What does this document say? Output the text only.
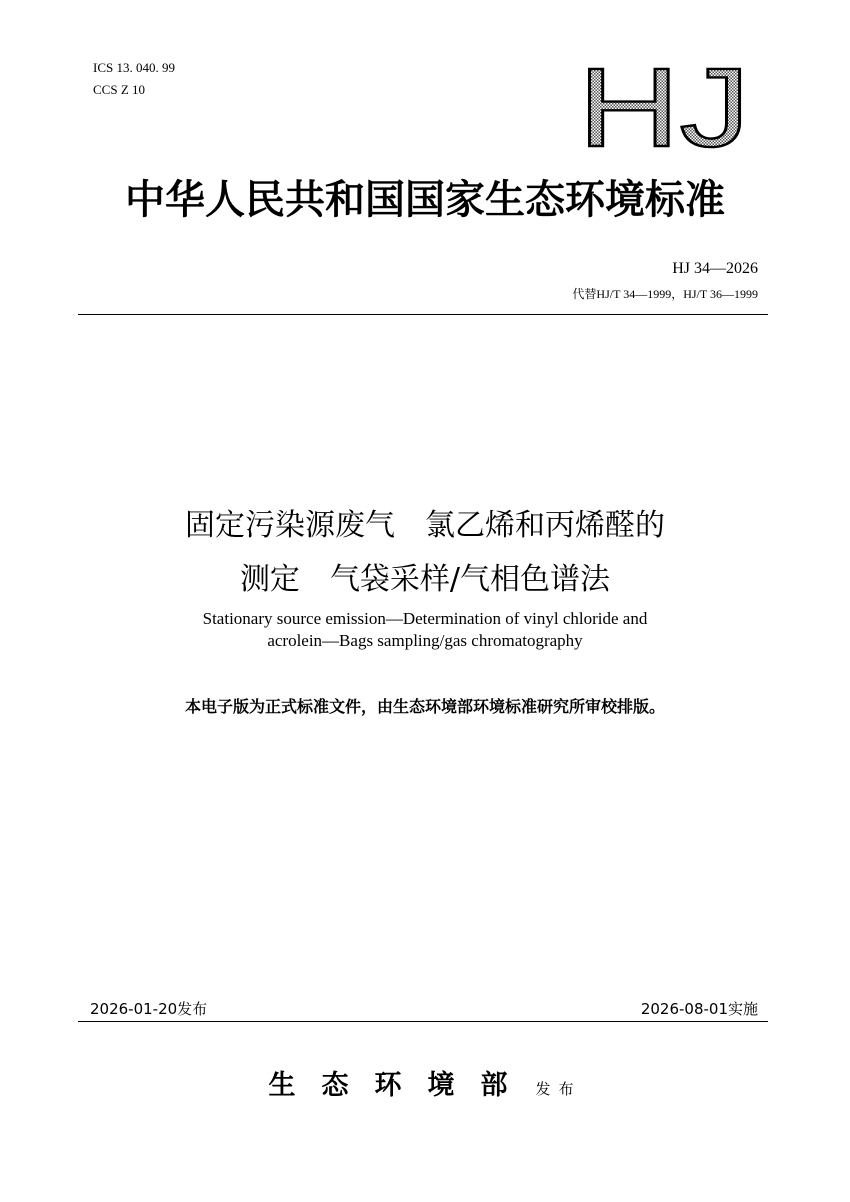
ICS 13. 040. 99
CCS Z 10	HJ
中华人民共和国国家生态环境标准
HJ 34—2026
代替HJ/T 34—1999，HJ/T 36—1999
固定污染源废气 氯乙烯和丙烯醛的
测定 气袋采样/气相色谱法
Stationary source emission—Determination of vinyl chloride and
acrolein—Bags sampling/gas chromatography
本电子版为正式标准文件，由生态环境部环境标准研究所审校排版。
2026-01-20发布	2026-08-01实施
生态环境部 发布
